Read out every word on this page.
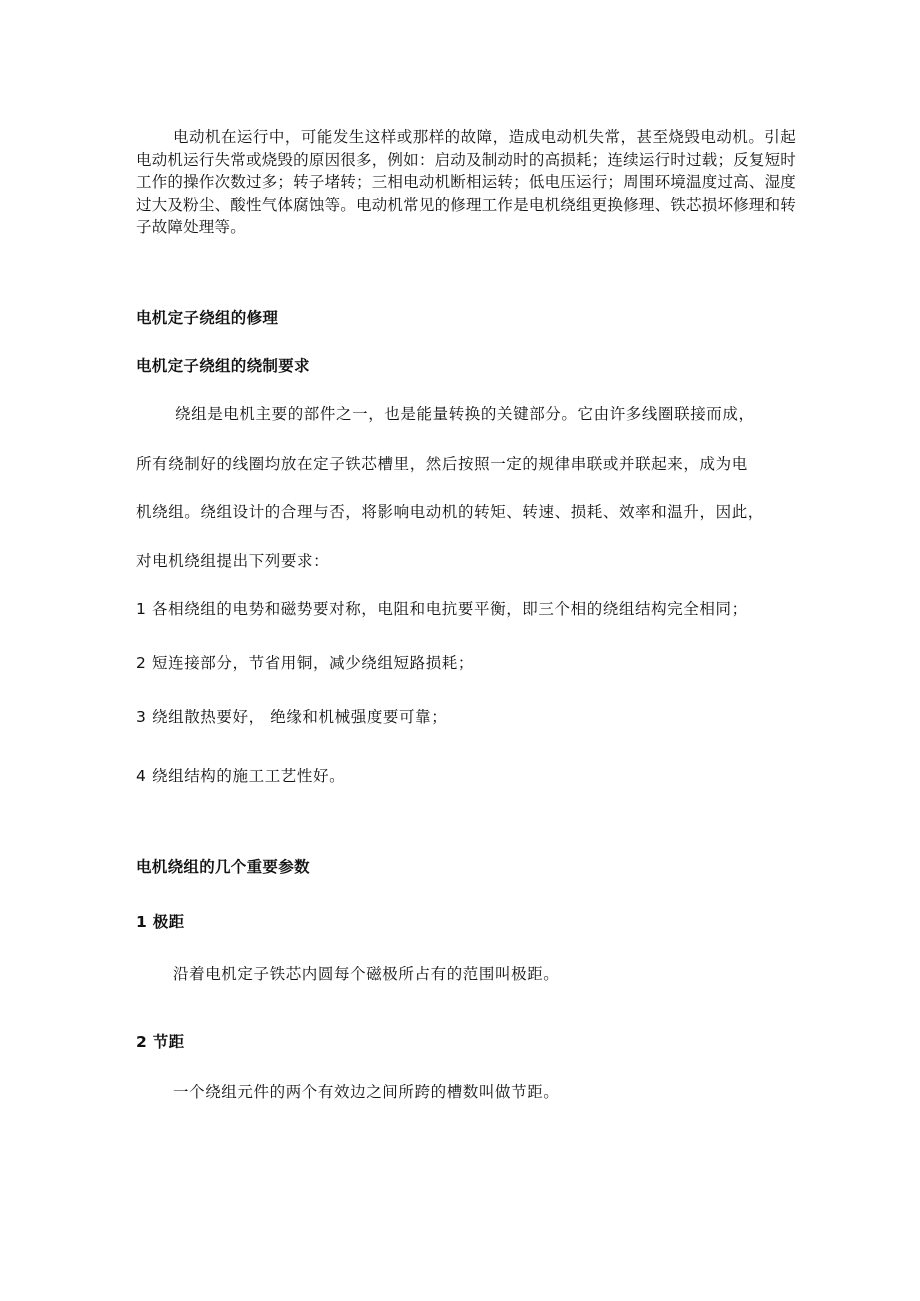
电动机在运行中，可能发生这样或那样的故障，造成电动机失常，甚至烧毁电动机。引起电动机运行失常或烧毁的原因很多，例如：启动及制动时的高损耗；连续运行时过载；反复短时工作的操作次数过多；转子堵转；三相电动机断相运转；低电压运行；周围环境温度过高、湿度过大及粉尘、酸性气体腐蚀等。电动机常见的修理工作是电机绕组更换修理、铁芯损坏修理和转子故障处理等。

电机定子绕组的修理
电机定子绕组的绕制要求

绕组是电机主要的部件之一，也是能量转换的关键部分。它由许多线圈联接而成，

所有绕制好的线圈均放在定子铁芯槽里，然后按照一定的规律串联或并联起来，成为电

机绕组。绕组设计的合理与否，将影响电动机的转矩、转速、损耗、效率和温升，因此，

对电机绕组提出下列要求：

1 各相绕组的电势和磁势要对称，电阻和电抗要平衡，即三个相的绕组结构完全相同；

2 短连接部分，节省用铜，减少绕组短路损耗；

3 绕组散热要好， 绝缘和机械强度要可靠；

4 绕组结构的施工工艺性好。

电机绕组的几个重要参数
1 极距

沿着电机定子铁芯内圆每个磁极所占有的范围叫极距。

2 节距

一个绕组元件的两个有效边之间所跨的槽数叫做节距。
